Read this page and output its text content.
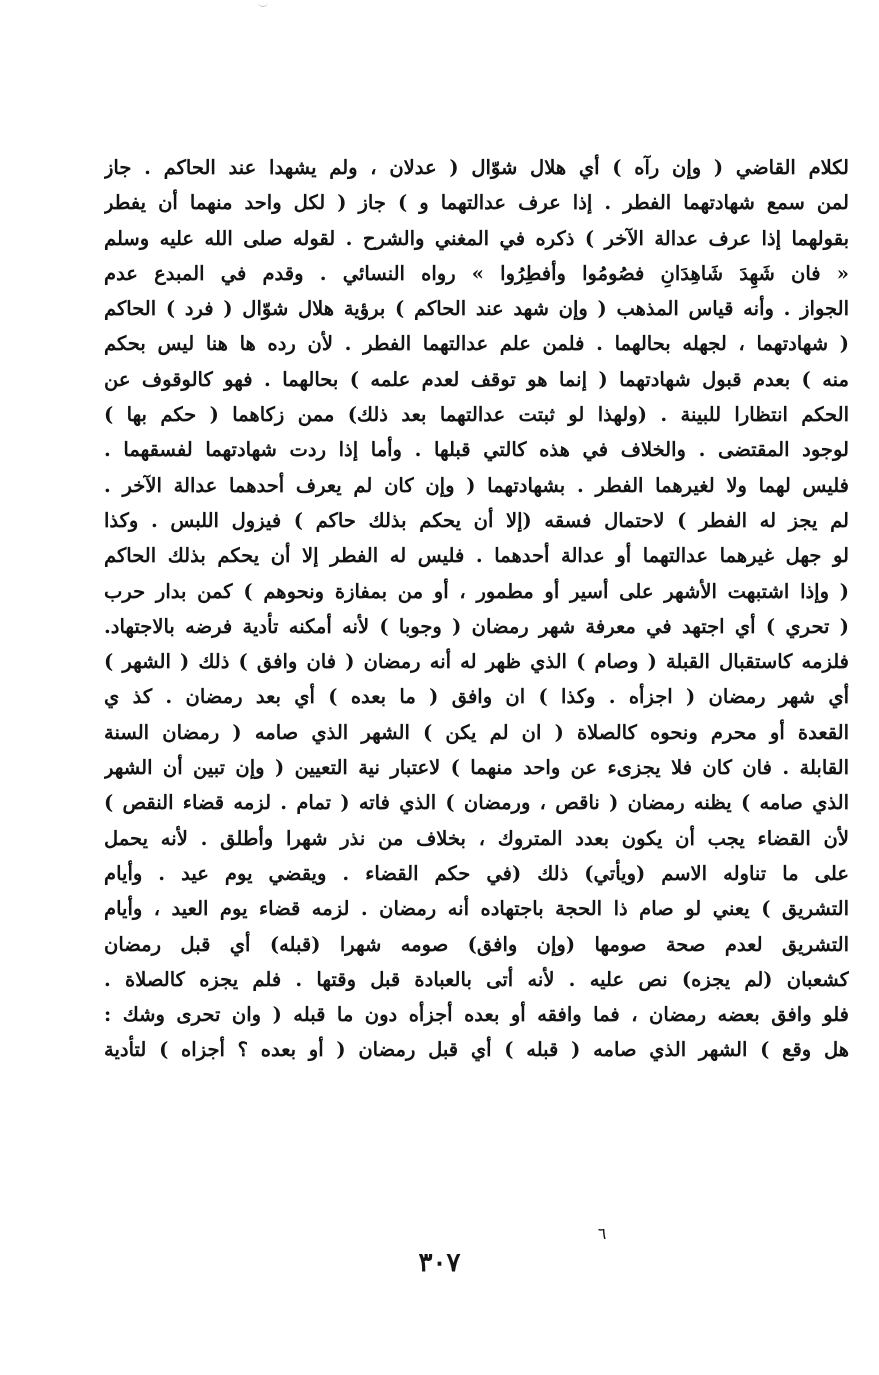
لكلام القاضي ( وإن رآه ) أي هلال شوّال ( عدلان ، ولم يشهدا عند الحاكم . جاز
لمن سمع شهادتهما الفطر . إذا عرف عدالتهما و ) جاز ( لكل واحد منهما أن يفطر
بقولهما إذا عرف عدالة الآخر ) ذكره في المغني والشرح . لقوله صلى الله عليه وسلم
« فان شَهِدَ شَاهِدَانِ فصُومُوا وأفطِرُوا » رواه النسائي . وقدم في المبدع عدم
الجواز . وأنه قياس المذهب ( وإن شهد عند الحاكم ) برؤية هلال شوّال ( فرد ) الحاكم
( شهادتهما ، لجهله بحالهما . فلمن علم عدالتهما الفطر . لأن رده ها هنا ليس بحكم
منه ) بعدم قبول شهادتهما ( إنما هو توقف لعدم علمه ) بحالهما . فهو كالوقوف عن
الحكم انتظارا للبينة . (ولهذا لو ثبتت عدالتهما بعد ذلك) ممن زكاهما ( حكم بها )
لوجود المقتضى . والخلاف في هذه كالتي قبلها . وأما إذا ردت شهادتهما لفسقهما .
فليس لهما ولا لغيرهما الفطر . بشهادتهما ( وإن كان لم يعرف أحدهما عدالة الآخر .
لم يجز له الفطر ) لاحتمال فسقه (إلا أن يحكم بذلك حاكم ) فيزول اللبس . وكذا
لو جهل غيرهما عدالتهما أو عدالة أحدهما . فليس له الفطر إلا أن يحكم بذلك الحاكم
( وإذا اشتبهت الأشهر على أسير أو مطمور ، أو من بمفازة ونحوهم ) كمن بدار حرب
( تحري ) أي اجتهد في معرفة شهر رمضان ( وجوبا ) لأنه أمكنه تأدية فرضه بالاجتهاد.
فلزمه كاستقبال القبلة ( وصام ) الذي ظهر له أنه رمضان ( فان وافق ) ذلك ( الشهر )
أي شهر رمضان ( اجزأه . وكذا ) ان وافق ( ما بعده ) أي بعد رمضان . كذ ي
القعدة أو محرم ونحوه كالصلاة ( ان لم يكن ) الشهر الذي صامه ( رمضان السنة
القابلة . فان كان فلا يجزىء عن واحد منهما ) لاعتبار نية التعيين ( وإن تبين أن الشهر
الذي صامه ) يظنه رمضان ( ناقص ، ورمضان ) الذي فاته ( تمام . لزمه قضاء النقص )
لأن القضاء يجب أن يكون بعدد المتروك ، بخلاف من نذر شهرا وأطلق . لأنه يحمل
على ما تناوله الاسم (ويأتي) ذلك (في حكم القضاء . ويقضي يوم عيد . وأيام
التشريق ) يعني لو صام ذا الحجة باجتهاده أنه رمضان . لزمه قضاء يوم العيد ، وأيام
التشريق لعدم صحة صومها (وإن وافق) صومه شهرا (قبله) أي قبل رمضان
كشعبان (لم يجزه) نص عليه . لأنه أتى بالعبادة قبل وقتها . فلم يجزه كالصلاة .
فلو وافق بعضه رمضان ، فما وافقه أو بعده أجزأه دون ما قبله ( وان تحرى وشك :
هل وقع ) الشهر الذي صامه ( قبله ) أي قبل رمضان ( أو بعده ؟ أجزاه ) لتأدية
٦
٣٠٧
